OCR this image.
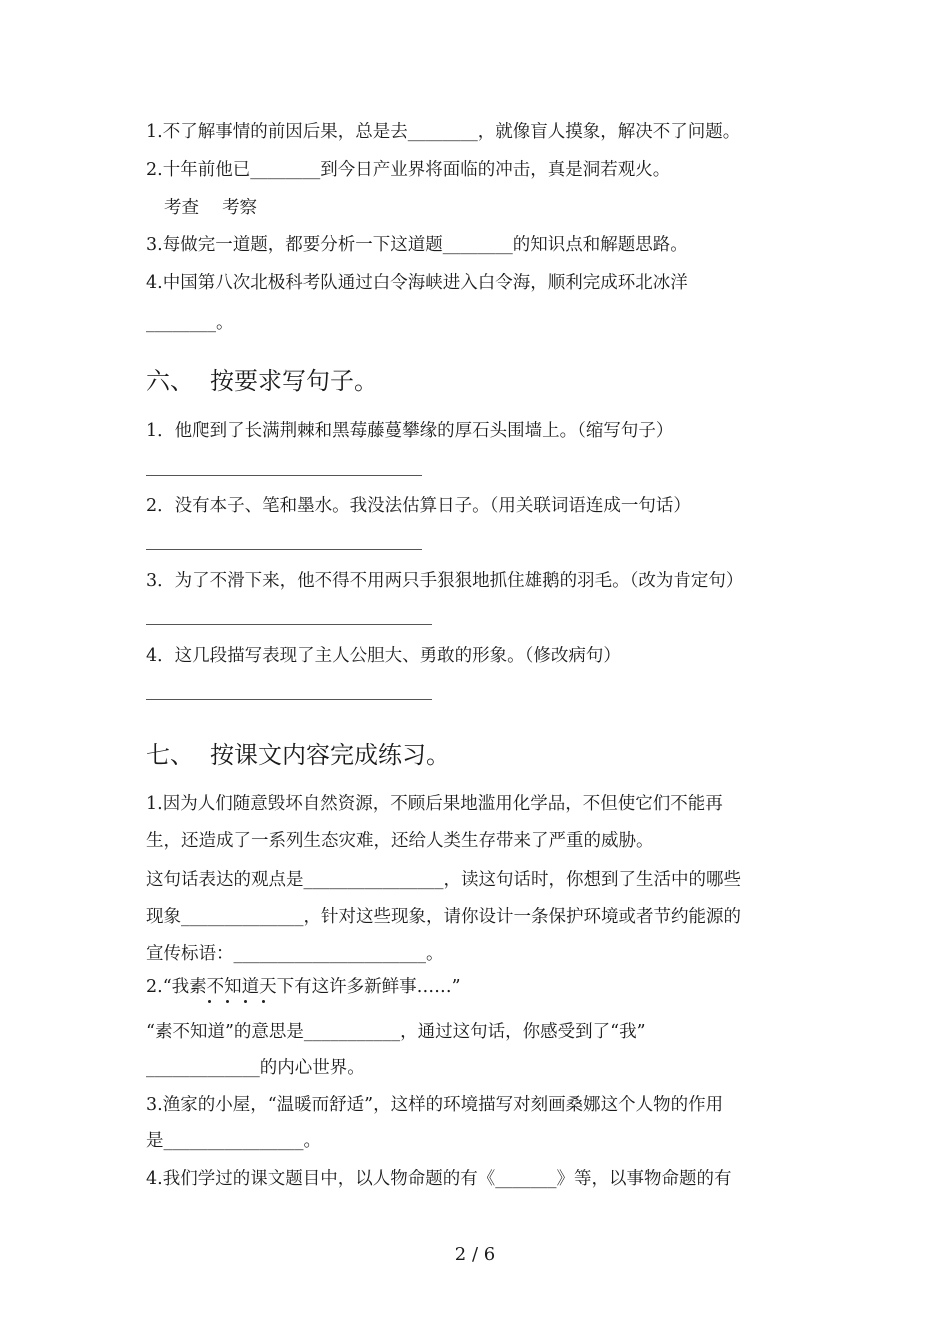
1.不了解事情的前因后果，总是去________，就像盲人摸象，解决不了问题。
2.十年前他已________到今日产业界将面临的冲击，真是洞若观火。
考查　 考察
3.每做完一道题，都要分析一下这道题________的知识点和解题思路。
4.中国第八次北极科考队通过白令海峡进入白令海，顺利完成环北冰洋
________。
六、 按要求写句子。
1．他爬到了长满荆棘和黑莓藤蔓攀缘的厚石头围墙上。（缩写句子）
2．没有本子、笔和墨水。我没法估算日子。（用关联词语连成一句话）
3．为了不滑下来，他不得不用两只手狠狠地抓住雄鹅的羽毛。（改为肯定句）
4．这几段描写表现了主人公胆大、勇敢的形象。（修改病句）
七、 按课文内容完成练习。
1.因为人们随意毁坏自然资源，不顾后果地滥用化学品，不但使它们不能再
生，还造成了一系列生态灾难，还给人类生存带来了严重的威胁。
这句话表达的观点是________________，读这句话时，你想到了生活中的哪些
现象______________，针对这些现象，请你设计一条保护环境或者节约能源的
宣传标语：______________________。
2.“我素不知道天下有这许多新鲜事……”
“素不知道”的意思是___________，通过这句话，你感受到了“我”
_____________的内心世界。
3.渔家的小屋，“温暖而舒适”，这样的环境描写对刻画桑娜这个人物的作用
是________________。
4.我们学过的课文题目中，以人物命题的有《_______》等，以事物命题的有
2 / 6
